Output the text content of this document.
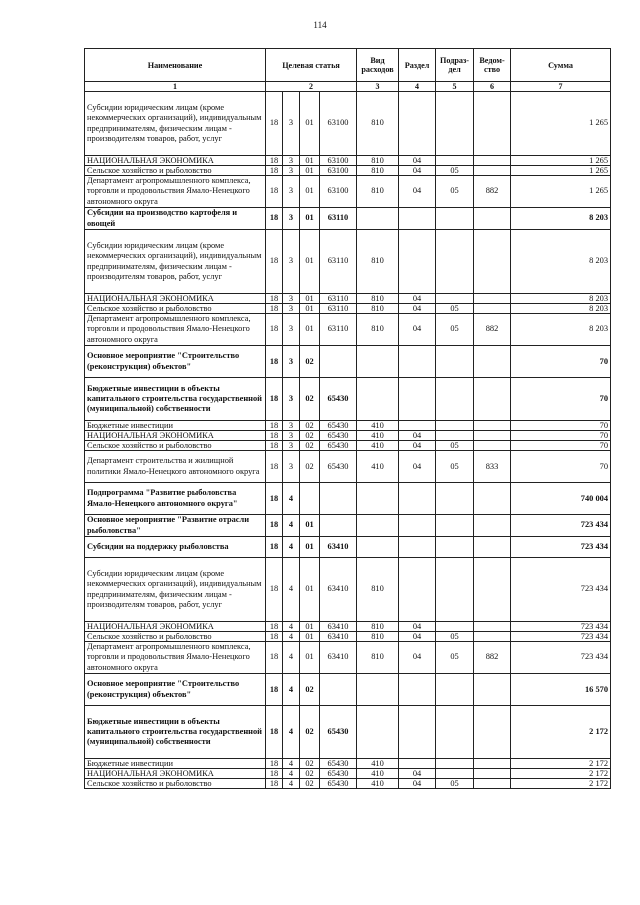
114
Наименование	Целевая статья				Вид расходов	Раздел	Подраз- дел	Ведом- ство	Сумма
1	2				3	4	5	6	7
Субсидии юридическим лицам (кроме некоммерческих организаций), индивидуальным предпринимателям, физическим лицам - производителям товаров, работ, услуг	18	3	01	63100	810				1 265
НАЦИОНАЛЬНАЯ ЭКОНОМИКА	18	3	01	63100	810	04			1 265
Сельское хозяйство и рыболовство	18	3	01	63100	810	04	05		1 265
Департамент агропромышленного комплекса, торговли и продовольствия Ямало-Ненецкого автономного округа	18	3	01	63100	810	04	05	882	1 265
Субсидии на производство картофеля и овощей	18	3	01	63110					8 203
Субсидии юридическим лицам (кроме некоммерческих организаций), индивидуальным предпринимателям, физическим лицам - производителям товаров, работ, услуг	18	3	01	63110	810				8 203
НАЦИОНАЛЬНАЯ ЭКОНОМИКА	18	3	01	63110	810	04			8 203
Сельское хозяйство и рыболовство	18	3	01	63110	810	04	05		8 203
Департамент агропромышленного комплекса, торговли и продовольствия Ямало-Ненецкого автономного округа	18	3	01	63110	810	04	05	882	8 203
Основное мероприятие "Строительство (реконструкция) объектов"	18	3	02						70
Бюджетные инвестиции в объекты капитального строительства государственной (муниципальной) собственности	18	3	02	65430					70
Бюджетные инвестиции	18	3	02	65430	410				70
НАЦИОНАЛЬНАЯ ЭКОНОМИКА	18	3	02	65430	410	04			70
Сельское хозяйство и рыболовство	18	3	02	65430	410	04	05		70
Департамент строительства и жилищной политики Ямало-Ненецкого автономного округа	18	3	02	65430	410	04	05	833	70
Подпрограмма "Развитие рыболовства Ямало-Ненецкого автономного округа"	18	4							740 004
Основное мероприятие "Развитие отрасли рыболовства"	18	4	01						723 434
Субсидии на поддержку рыболовства	18	4	01	63410					723 434
Субсидии юридическим лицам (кроме некоммерческих организаций), индивидуальным предпринимателям, физическим лицам - производителям товаров, работ, услуг	18	4	01	63410	810				723 434
НАЦИОНАЛЬНАЯ ЭКОНОМИКА	18	4	01	63410	810	04			723 434
Сельское хозяйство и рыболовство	18	4	01	63410	810	04	05		723 434
Департамент агропромышленного комплекса, торговли и продовольствия Ямало-Ненецкого автономного округа	18	4	01	63410	810	04	05	882	723 434
Основное мероприятие "Строительство (реконструкция) объектов"	18	4	02						16 570
Бюджетные инвестиции в объекты капитального строительства государственной (муниципальной) собственности	18	4	02	65430					2 172
Бюджетные инвестиции	18	4	02	65430	410				2 172
НАЦИОНАЛЬНАЯ ЭКОНОМИКА	18	4	02	65430	410	04			2 172
Сельское хозяйство и рыболовство	18	4	02	65430	410	04	05		2 172
